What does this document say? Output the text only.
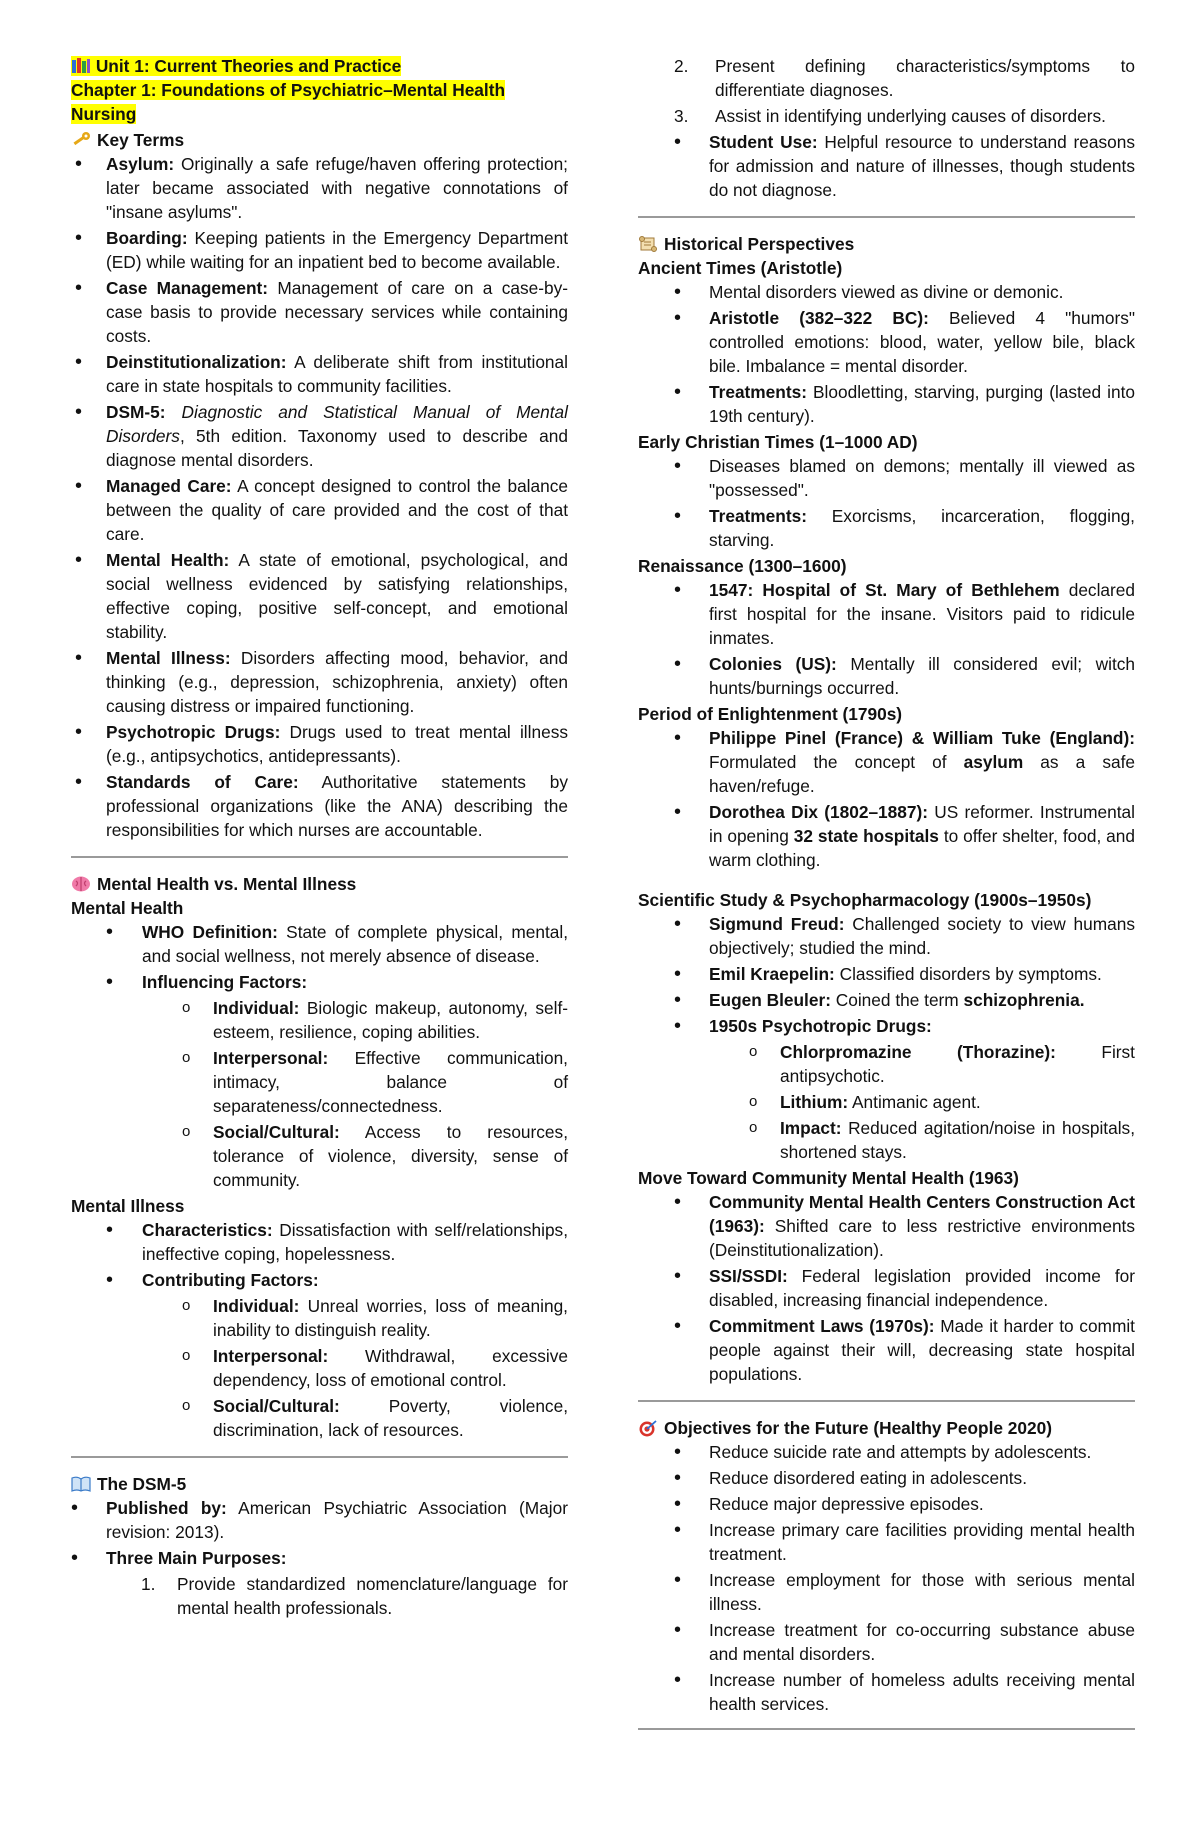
Unit 1: Current Theories and Practice
Chapter 1: Foundations of Psychiatric–Mental Health Nursing
Key Terms
• Asylum: Originally a safe refuge/haven offering protection; later became associated with negative connotations of "insane asylums".
• Boarding: Keeping patients in the Emergency Department (ED) while waiting for an inpatient bed to become available.
• Case Management: Management of care on a case-by-case basis to provide necessary services while containing costs.
• Deinstitutionalization: A deliberate shift from institutional care in state hospitals to community facilities.
• DSM-5: Diagnostic and Statistical Manual of Mental Disorders, 5th edition. Taxonomy used to describe and diagnose mental disorders.
• Managed Care: A concept designed to control the balance between the quality of care provided and the cost of that care.
• Mental Health: A state of emotional, psychological, and social wellness evidenced by satisfying relationships, effective coping, positive self-concept, and emotional stability.
• Mental Illness: Disorders affecting mood, behavior, and thinking (e.g., depression, schizophrenia, anxiety) often causing distress or impaired functioning.
• Psychotropic Drugs: Drugs used to treat mental illness (e.g., antipsychotics, antidepressants).
• Standards of Care: Authoritative statements by professional organizations (like the ANA) describing the responsibilities for which nurses are accountable.
Mental Health vs. Mental Illness
Mental Health
• WHO Definition: State of complete physical, mental, and social wellness, not merely absence of disease.
• Influencing Factors:
o Individual: Biologic makeup, autonomy, self-esteem, resilience, coping abilities.
o Interpersonal: Effective communication, intimacy, balance of separateness/connectedness.
o Social/Cultural: Access to resources, tolerance of violence, diversity, sense of community.
Mental Illness
• Characteristics: Dissatisfaction with self/relationships, ineffective coping, hopelessness.
• Contributing Factors:
o Individual: Unreal worries, loss of meaning, inability to distinguish reality.
o Interpersonal: Withdrawal, excessive dependency, loss of emotional control.
o Social/Cultural: Poverty, violence, discrimination, lack of resources.
The DSM-5
• Published by: American Psychiatric Association (Major revision: 2013).
• Three Main Purposes:
1. Provide standardized nomenclature/language for mental health professionals.
2. Present defining characteristics/symptoms to differentiate diagnoses.
3. Assist in identifying underlying causes of disorders.
• Student Use: Helpful resource to understand reasons for admission and nature of illnesses, though students do not diagnose.
Historical Perspectives
Ancient Times (Aristotle)
• Mental disorders viewed as divine or demonic.
• Aristotle (382–322 BC): Believed 4 "humors" controlled emotions: blood, water, yellow bile, black bile. Imbalance = mental disorder.
• Treatments: Bloodletting, starving, purging (lasted into 19th century).
Early Christian Times (1–1000 AD)
• Diseases blamed on demons; mentally ill viewed as "possessed".
• Treatments: Exorcisms, incarceration, flogging, starving.
Renaissance (1300–1600)
• 1547: Hospital of St. Mary of Bethlehem declared first hospital for the insane. Visitors paid to ridicule inmates.
• Colonies (US): Mentally ill considered evil; witch hunts/burnings occurred.
Period of Enlightenment (1790s)
• Philippe Pinel (France) & William Tuke (England): Formulated the concept of asylum as a safe haven/refuge.
• Dorothea Dix (1802–1887): US reformer. Instrumental in opening 32 state hospitals to offer shelter, food, and warm clothing.
Scientific Study & Psychopharmacology (1900s–1950s)
• Sigmund Freud: Challenged society to view humans objectively; studied the mind.
• Emil Kraepelin: Classified disorders by symptoms.
• Eugen Bleuler: Coined the term schizophrenia.
• 1950s Psychotropic Drugs:
o Chlorpromazine (Thorazine): First antipsychotic.
o Lithium: Antimanic agent.
o Impact: Reduced agitation/noise in hospitals, shortened stays.
Move Toward Community Mental Health (1963)
• Community Mental Health Centers Construction Act (1963): Shifted care to less restrictive environments (Deinstitutionalization).
• SSI/SSDI: Federal legislation provided income for disabled, increasing financial independence.
• Commitment Laws (1970s): Made it harder to commit people against their will, decreasing state hospital populations.
Objectives for the Future (Healthy People 2020)
• Reduce suicide rate and attempts by adolescents.
• Reduce disordered eating in adolescents.
• Reduce major depressive episodes.
• Increase primary care facilities providing mental health treatment.
• Increase employment for those with serious mental illness.
• Increase treatment for co-occurring substance abuse and mental disorders.
• Increase number of homeless adults receiving mental health services.
